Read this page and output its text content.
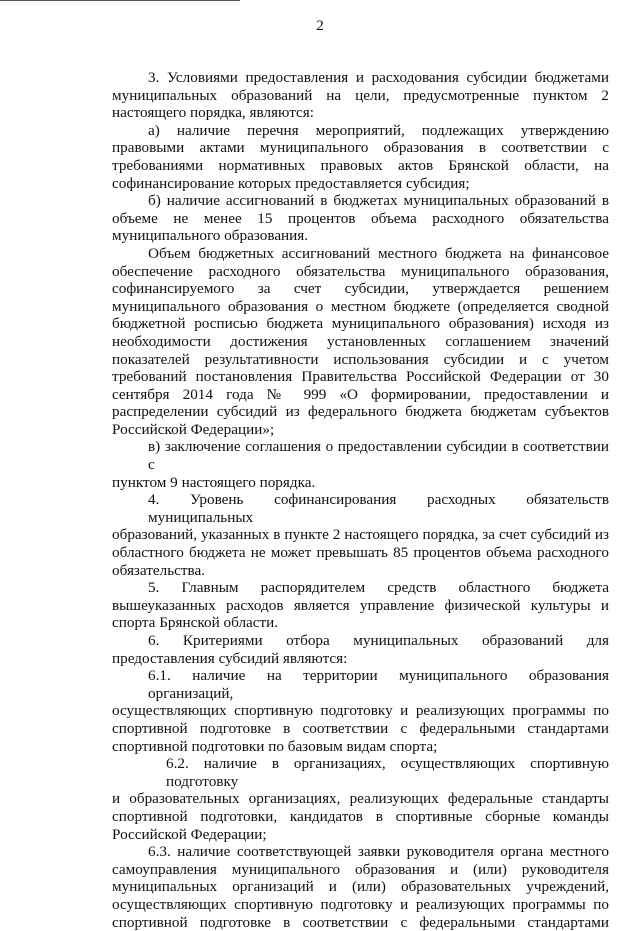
2
3. Условиями предоставления и расходования субсидии бюджетами
муниципальных образований на цели, предусмотренные пунктом 2
настоящего порядка, являются:
а) наличие перечня мероприятий, подлежащих утверждению
правовыми актами муниципального образования в соответствии с
требованиями нормативных правовых актов Брянской области, на
софинансирование которых предоставляется субсидия;
б) наличие ассигнований в бюджетах муниципальных образований в
объеме не менее 15 процентов объема расходного обязательства
муниципального образования.
Объем бюджетных ассигнований местного бюджета на финансовое
обеспечение расходного обязательства муниципального образования,
софинансируемого за счет субсидии, утверждается решением
муниципального образования о местном бюджете (определяется сводной
бюджетной росписью бюджета муниципального образования) исходя из
необходимости достижения установленных соглашением значений
показателей результативности использования субсидии и с учетом
требований постановления Правительства Российской Федерации от 30
сентября 2014 года № 999 «О формировании, предоставлении и
распределении субсидий из федерального бюджета бюджетам субъектов
Российской Федерации»;
в) заключение соглашения о предоставлении субсидии в соответствии с
пунктом 9 настоящего порядка.
4. Уровень софинансирования расходных обязательств муниципальных
образований, указанных в пункте 2 настоящего порядка, за счет субсидий из
областного бюджета не может превышать 85 процентов объема расходного
обязательства.
5. Главным распорядителем средств областного бюджета
вышеуказанных расходов является управление физической культуры и
спорта Брянской области.
6. Критериями отбора муниципальных образований для
предоставления субсидий являются:
6.1. наличие на территории муниципального образования организаций,
осуществляющих спортивную подготовку и реализующих программы по
спортивной подготовке в соответствии с федеральными стандартами
спортивной подготовки по базовым видам спорта;
6.2. наличие в организациях, осуществляющих спортивную подготовку
и образовательных организациях, реализующих федеральные стандарты
спортивной подготовки, кандидатов в спортивные сборные команды
Российской Федерации;
6.3. наличие соответствующей заявки руководителя органа местного
самоуправления муниципального образования и (или) руководителя
муниципальных организаций и (или) образовательных учреждений,
осуществляющих спортивную подготовку и реализующих программы по
спортивной подготовке в соответствии с федеральными стандартами
